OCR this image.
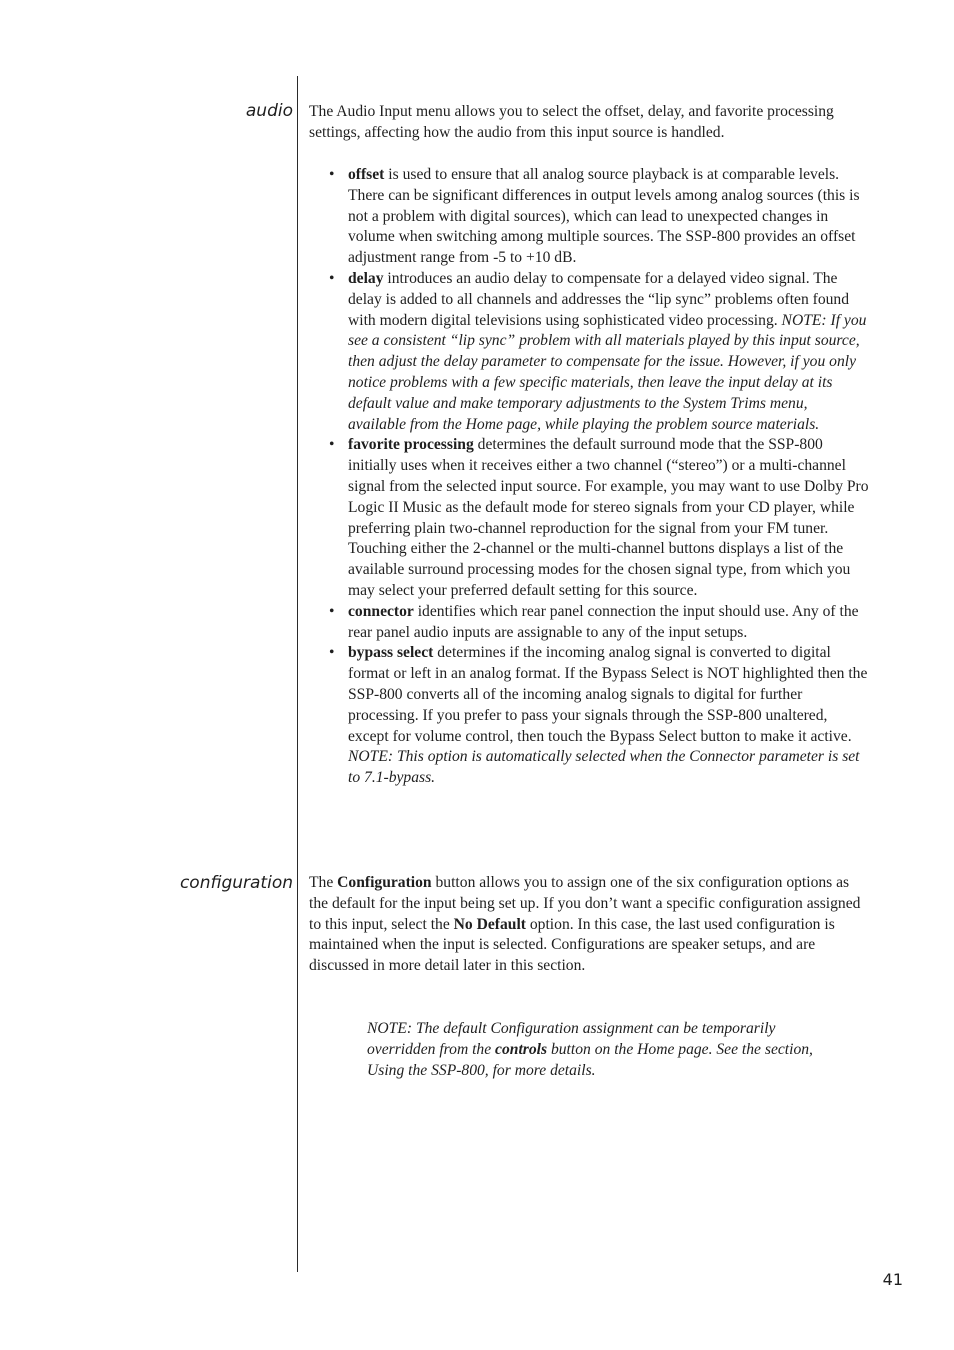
audio The Audio Input menu allows you to select the offset, delay, and favorite processing settings, affecting how the audio from this input source is handled.

• offset is used to ensure that all analog source playback is at comparable levels. There can be significant differences in output levels among analog sources (this is not a problem with digital sources), which can lead to unexpected changes in volume when switching among multiple sources. The SSP-800 provides an offset adjustment range from -5 to +10 dB.
• delay introduces an audio delay to compensate for a delayed video signal. The delay is added to all channels and addresses the “lip sync” problems often found with modern digital televisions using sophisticated video processing. NOTE: If you see a consistent “lip sync” problem with all materials played by this input source, then adjust the delay parameter to compensate for the issue. However, if you only notice problems with a few specific materials, then leave the input delay at its default value and make temporary adjustments to the System Trims menu, available from the Home page, while playing the problem source materials.
• favorite processing determines the default surround mode that the SSP-800 initially uses when it receives either a two channel (“stereo”) or a multi-channel signal from the selected input source. For example, you may want to use Dolby Pro Logic II Music as the default mode for stereo signals from your CD player, while preferring plain two-channel reproduction for the signal from your FM tuner. Touching either the 2-channel or the multi-channel buttons displays a list of the available surround processing modes for the chosen signal type, from which you may select your preferred default setting for this source.
• connector identifies which rear panel connection the input should use. Any of the rear panel audio inputs are assignable to any of the input setups.
• bypass select determines if the incoming analog signal is converted to digital format or left in an analog format. If the Bypass Select is NOT highlighted then the SSP-800 converts all of the incoming analog signals to digital for further processing. If you prefer to pass your signals through the SSP-800 unaltered, except for volume control, then touch the Bypass Select button to make it active. NOTE: This option is automatically selected when the Connector parameter is set to 7.1-bypass.
configuration The Configuration button allows you to assign one of the six configuration options as the default for the input being set up. If you don’t want a specific configuration assigned to this input, select the No Default option. In this case, the last used configuration is maintained when the input is selected. Configurations are speaker setups, and are discussed in more detail later in this section.

NOTE: The default Configuration assignment can be temporarily overridden from the controls button on the Home page. See the section, Using the SSP-800, for more details.

41
